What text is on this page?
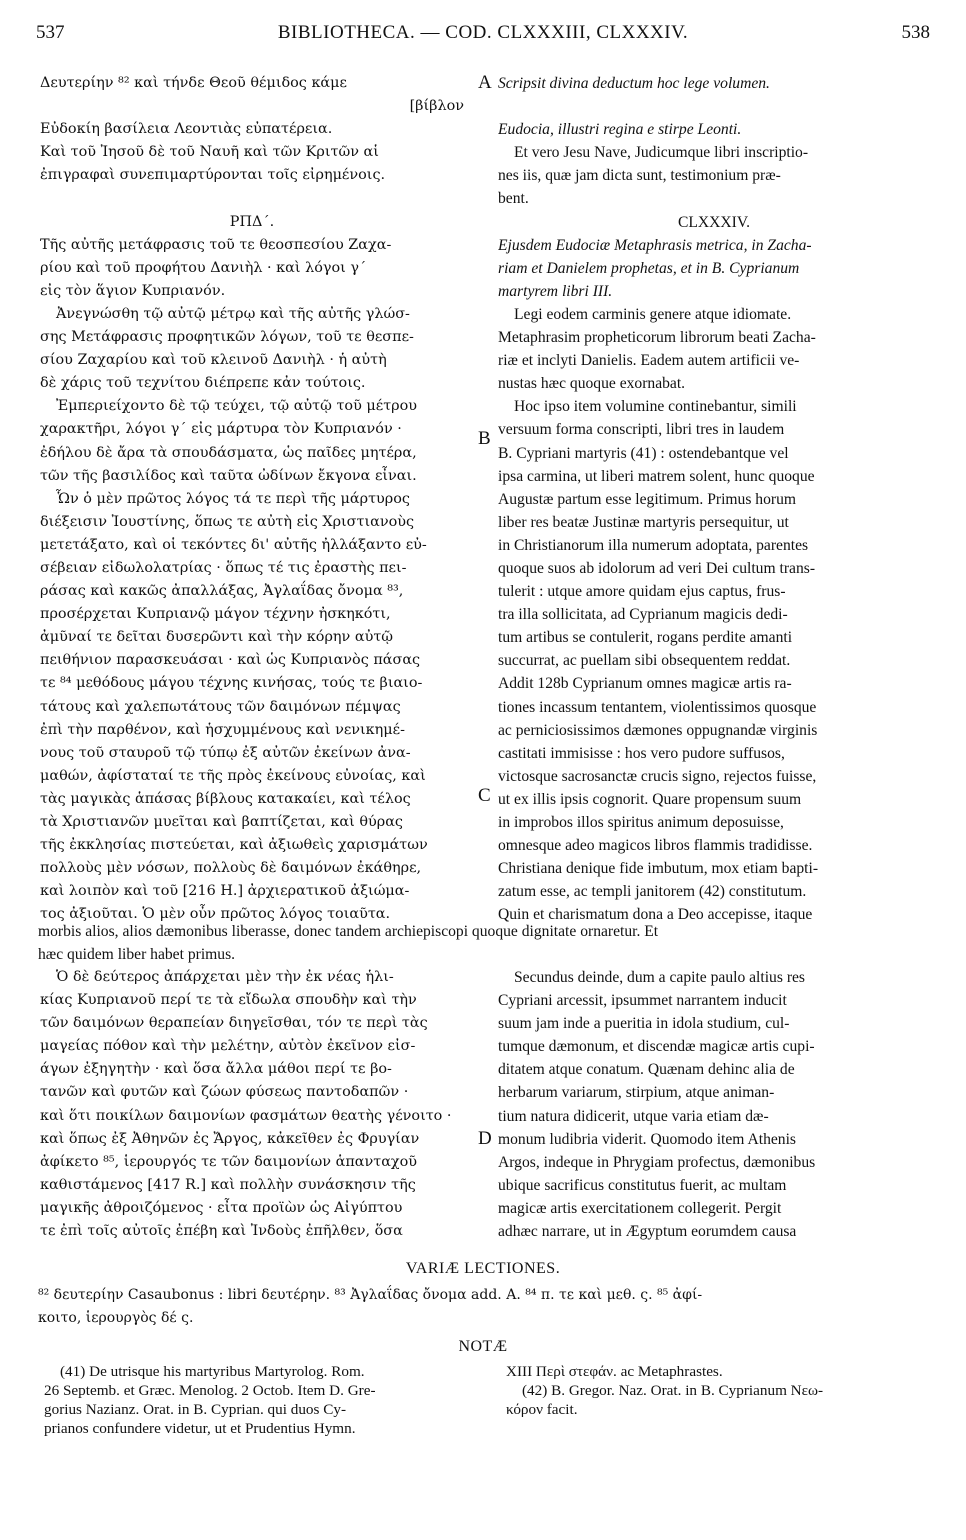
537	BIBLIOTHECA. — COD. CLXXXIII, CLXXXIV.	538
Δευτερίην ⁸² καὶ τήνδε Θεοῦ θέμιδος κάμε
[βίβλον
Εὐδοκίη βασίλεια Λεοντιὰς εὐπατέρεια.
Καὶ τοῦ Ἰησοῦ δὲ τοῦ Ναυῆ καὶ τῶν Κριτῶν αἱ
ἐπιγραφαὶ συνεπιμαρτύρονται τοῖς εἰρημένοις.
ΡΠΔ΄.
Τῆς αὐτῆς μετάφρασις τοῦ τε θεοσπεσίου Ζαχα-
ρίου καὶ τοῦ προφήτου Δανιὴλ · καὶ λόγοι γ΄
εἰς τὸν ἅγιον Κυπριανόν.
Ἀνεγνώσθη τῷ αὐτῷ μέτρῳ καὶ τῆς αὐτῆς γλώσ-
σης Μετάφρασις προφητικῶν λόγων, τοῦ τε θεσπε-
σίου Ζαχαρίου καὶ τοῦ κλεινοῦ Δανιὴλ · ἡ αὐτὴ
δὲ χάρις τοῦ τεχνίτου διέπρεπε κἀν τούτοις.
Ἐμπεριείχοντο δὲ τῷ τεύχει, τῷ αὐτῷ τοῦ μέτρου
χαρακτῆρι, λόγοι γ΄ εἰς μάρτυρα τὸν Κυπριανόν ·
ἐδήλου δὲ ἄρα τὰ σπουδάσματα, ὡς παῖδες μητέρα,
τῶν τῆς βασιλίδος καὶ ταῦτα ὠδίνων ἔκγονα εἶναι.
Ὧν ὁ μὲν πρῶτος λόγος τά τε περὶ τῆς μάρτυρος
διέξεισιν Ἰουστίνης, ὅπως τε αὐτὴ εἰς Χριστιανοὺς
μετετάξατο, καὶ οἱ τεκόντες δι' αὐτῆς ἠλλάξαντο εὐ-
σέβειαν εἰδωλολατρίας · ὅπως τέ τις ἐραστὴς πει-
ράσας καὶ κακῶς ἀπαλλάξας, Ἀγλαΐδας ὄνομα ⁸³,
προσέρχεται Κυπριανῷ μάγον τέχνην ἠσκηκότι,
ἀμῦναί τε δεῖται δυσερῶντι καὶ τὴν κόρην αὐτῷ
πειθήνιον παρασκευάσαι · καὶ ὡς Κυπριανὸς πάσας
τε ⁸⁴ μεθόδους μάγου τέχνης κινήσας, τούς τε βιαιο-
τάτους καὶ χαλεπωτάτους τῶν δαιμόνων πέμψας
ἐπὶ τὴν παρθένον, καὶ ἡσχυμμένους καὶ νενικημέ-
νους τοῦ σταυροῦ τῷ τύπῳ ἐξ αὐτῶν ἐκείνων ἀνα-
μαθών, ἀφίσταταί τε τῆς πρὸς ἐκείνους εὐνοίας, καὶ
τὰς μαγικὰς ἁπάσας βίβλους κατακαίει, καὶ τέλος
τὰ Χριστιανῶν μυεῖται καὶ βαπτίζεται, καὶ θύρας
τῆς ἐκκλησίας πιστεύεται, καὶ ἀξιωθεὶς χαρισμάτων
πολλοὺς μὲν νόσων, πολλοὺς δὲ δαιμόνων ἐκάθηρε,
καὶ λοιπὸν καὶ τοῦ [216 H.] ἀρχιερατικοῦ ἀξιώμα-
τος ἀξιοῦται. Ὁ μὲν οὖν πρῶτος λόγος τοιαῦτα.
Scripsit divina deductum hoc lege volumen.
Eudocia, illustri regina e stirpe Leonti.
Et vero Jesu Nave, Judicumque libri inscriptio-
nes iis, quæ jam dicta sunt, testimonium præ-
bent.
CLXXXIV.
Ejusdem Eudociæ Metaphrasis metrica, in Zacha-
riam et Danielem prophetas, et in B. Cyprianum
martyrem libri III.
Legi eodem carminis genere atque idiomate.
Metaphrasim propheticorum librorum beati Zacha-
riæ et inclyti Danielis. Eadem autem artificii ve-
nustas hæc quoque exornabat.
Hoc ipso item volumine continebantur, simili
versuum forma conscripti, libri tres in laudem
B. Cypriani martyris (41) : ostendebantque vel
ipsa carmina, ut liberi matrem solent, hunc quoque
Augustæ partum esse legitimum. Primus horum
liber res beatæ Justinæ martyris persequitur, ut
in Christianorum illa numerum adoptata, parentes
quoque suos ab idolorum ad veri Dei cultum trans-
tulerit : utque amore quidam ejus captus, frus-
tra illa sollicitata, ad Cyprianum magicis dedi-
tum artibus se contulerit, rogans perdite amanti
succurrat, ac puellam sibi obsequentem reddat.
Addit 128b Cyprianum omnes magicæ artis ra-
tiones incassum tentantem, violentissimos quosque
ac perniciosissimos dæmones oppugnandæ virginis
castitati immisisse : hos vero pudore suffusos,
victosque sacrosanctæ crucis signo, rejectos fuisse,
ut ex illis ipsis cognorit. Quare propensum suum
in improbos illos spiritus animum deposuisse,
omnesque adeo magicos libros flammis tradidisse.
Christiana denique fide imbutum, mox etiam bapti-
zatum esse, ac templi janitorem (42) constitutum.
Quin et charismatum dona a Deo accepisse, itaque
A
B
C
D
morbis alios, alios dæmonibus liberasse, donec tandem archiepiscopi quoque dignitate ornaretur. Et
hæc quidem liber habet primus.
Ὁ δὲ δεύτερος ἀπάρχεται μὲν τὴν ἐκ νέας ἡλι-
κίας Κυπριανοῦ περί τε τὰ εἴδωλα σπουδὴν καὶ τὴν
τῶν δαιμόνων θεραπείαν διηγεῖσθαι, τόν τε περὶ τὰς
μαγείας πόθον καὶ τὴν μελέτην, αὐτὸν ἐκεῖνον εἰσ-
άγων ἐξηγητὴν · καὶ ὅσα ἄλλα μάθοι περί τε βο-
τανῶν καὶ φυτῶν καὶ ζώων φύσεως παντοδαπῶν ·
καὶ ὅτι ποικίλων δαιμονίων φασμάτων θεατὴς γένοιτο ·
καὶ ὅπως ἐξ Ἀθηνῶν ἐς Ἄργος, κἀκεῖθεν ἐς Φρυγίαν
ἀφίκετο ⁸⁵, ἱερουργός τε τῶν δαιμονίων ἁπανταχοῦ
καθιστάμενος [417 R.] καὶ πολλὴν συνάσκησιν τῆς
μαγικῆς ἀθροιζόμενος · εἶτα προϊὼν ὡς Αἰγύπτου
τε ἐπὶ τοῖς αὐτοῖς ἐπέβη καὶ Ἰνδοὺς ἐπῆλθεν, ὅσα
Secundus deinde, dum a capite paulo altius res
Cypriani arcessit, ipsummet narrantem inducit
suum jam inde a pueritia in idola studium, cul-
tumque dæmonum, et discendæ magicæ artis cupi-
ditatem atque conatum. Quænam dehinc alia de
herbarum variarum, stirpium, atque animan-
tium natura didicerit, utque varia etiam dæ-
monum ludibria viderit. Quomodo item Athenis
Argos, indeque in Phrygiam profectus, dæmonibus
ubique sacrificus constitutus fuerit, ac multam
magicæ artis exercitationem collegerit. Pergit
adhæc narrare, ut in Ægyptum eorumdem causa
VARIÆ LECTIONES.
⁸² δευτερίην Casaubonus : libri δευτέρην. ⁸³ Ἀγλαΐδας ὄνομα add. A. ⁸⁴ π. τε καὶ μεθ. ς. ⁸⁵ ἀφί-
κοιτο, ἱερουργὸς δέ ς.
NOTÆ
(41) De utrisque his martyribus Martyrolog. Rom.
26 Septemb. et Græc. Menolog. 2 Octob. Item D. Gre-
gorius Nazianz. Orat. in B. Cyprian. qui duos Cy-
prianos confundere videtur, ut et Prudentius Hymn.
XIII Περὶ στεφάν. ac Metaphrastes.
(42) B. Gregor. Naz. Orat. in B. Cyprianum Νεω-
κόρον facit.
